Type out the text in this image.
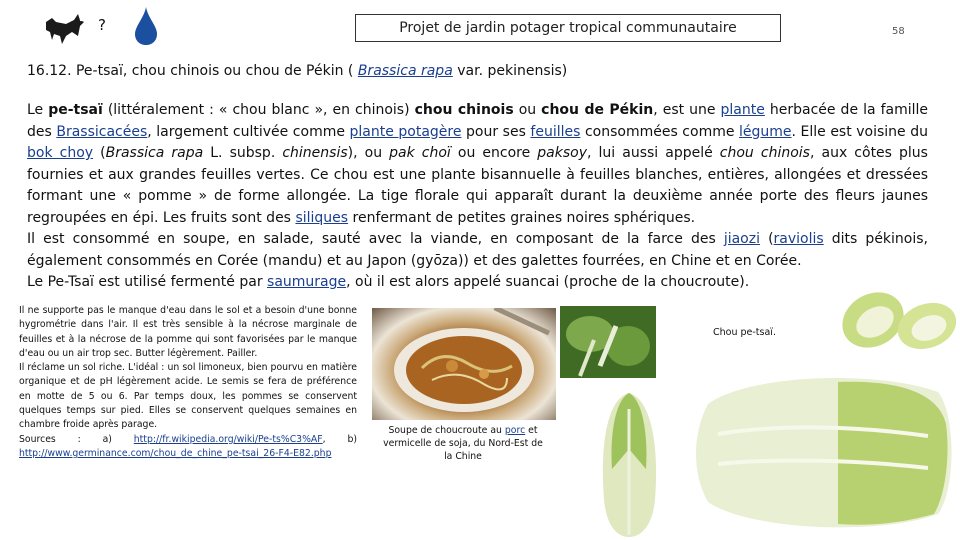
?	Projet de jardin potager tropical communautaire	58
16.12. Pe-tsaï, chou chinois ou chou de Pékin ( Brassica rapa var. pekinensis)

Le pe-tsaï (littéralement : « chou blanc », en chinois) chou chinois ou chou de Pékin, est une plante herbacée de la famille des Brassicacées, largement cultivée comme plante potagère pour ses feuilles consommées comme légume. Elle est voisine du bok choy (Brassica rapa L. subsp. chinensis), ou pak choï ou encore paksoy, lui aussi appelé chou chinois, aux côtes plus fournies et aux grandes feuilles vertes. Ce chou est une plante bisannuelle à feuilles blanches, entières, allongées et dressées formant une « pomme » de forme allongée. La tige florale qui apparaît durant la deuxième année porte des fleurs jaunes regroupées en épi. Les fruits sont des siliques renfermant de petites graines noires sphériques.

Il est consommé en soupe, en salade, sauté avec la viande, en composant de la farce des jiaozi (raviolis dits pékinois, également consommés en Corée (mandu) et au Japon (gyōza)) et des galettes fourrées, en Chine et en Corée.

Le Pe-Tsaï est utilisé fermenté par saumurage, où il est alors appelé suancai (proche de la choucroute).

Il ne supporte pas le manque d'eau dans le sol et a besoin d'une bonne hygrométrie dans l'air. Il est très sensible à la nécrose marginale de feuilles et à la nécrose de la pomme qui sont favorisées par le manque d'eau ou un air trop sec. Butter légèrement. Pailler.

Il réclame un sol riche. L'idéal : un sol limoneux, bien pourvu en matière organique et de pH légèrement acide. Le semis se fera de préférence en motte de 5 ou 6. Par temps doux, les pommes se conservent quelques temps sur pied. Elles se conservent quelques semaines en chambre froide après parage.

Sources : a) http://fr.wikipedia.org/wiki/Pe-ts%C3%AF, b) http://www.germinance.com/chou_de_chine_pe-tsai_26-F4-E82.php

Soupe de choucroute au porc et vermicelle de soja, du Nord-Est de la Chine
Chou pe-tsaï.
